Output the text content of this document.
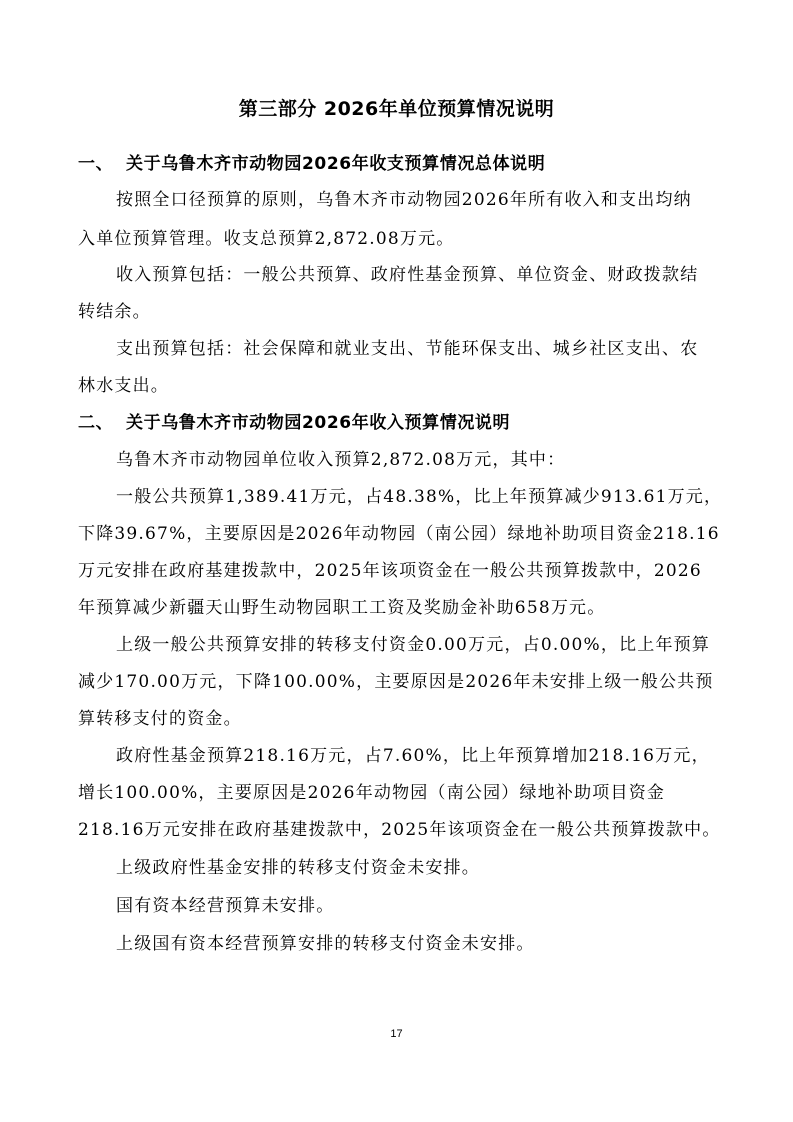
第三部分 2026年单位预算情况说明
一、 关于乌鲁木齐市动物园2026年收支预算情况总体说明
按照全口径预算的原则，乌鲁木齐市动物园2026年所有收入和支出均纳
入单位预算管理。收支总预算2,872.08万元。
收入预算包括：一般公共预算、政府性基金预算、单位资金、财政拨款结
转结余。
支出预算包括：社会保障和就业支出、节能环保支出、城乡社区支出、农
林水支出。
二、 关于乌鲁木齐市动物园2026年收入预算情况说明
乌鲁木齐市动物园单位收入预算2,872.08万元，其中：
一般公共预算1,389.41万元，占48.38%，比上年预算减少913.61万元，
下降39.67%，主要原因是2026年动物园（南公园）绿地补助项目资金218.16
万元安排在政府基建拨款中，2025年该项资金在一般公共预算拨款中，2026
年预算减少新疆天山野生动物园职工工资及奖励金补助658万元。
上级一般公共预算安排的转移支付资金0.00万元，占0.00%，比上年预算
减少170.00万元，下降100.00%，主要原因是2026年未安排上级一般公共预
算转移支付的资金。
政府性基金预算218.16万元，占7.60%，比上年预算增加218.16万元，
增长100.00%，主要原因是2026年动物园（南公园）绿地补助项目资金
218.16万元安排在政府基建拨款中，2025年该项资金在一般公共预算拨款中。
上级政府性基金安排的转移支付资金未安排。
国有资本经营预算未安排。
上级国有资本经营预算安排的转移支付资金未安排。
17
